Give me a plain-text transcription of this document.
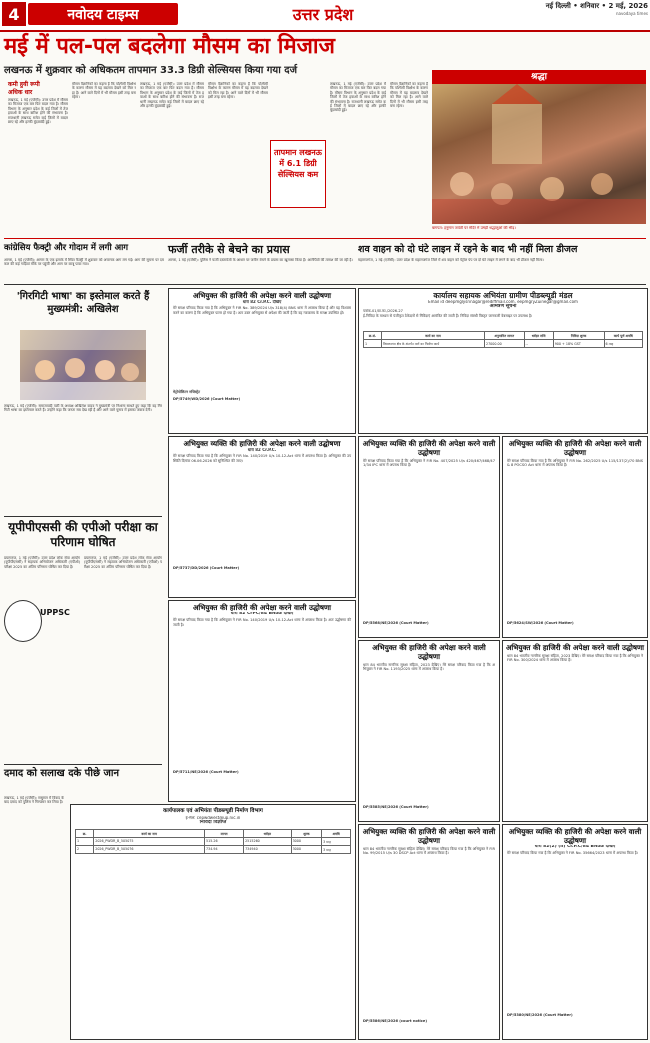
4	नवोदय टाइम्स	उत्तर प्रदेश	नई दिल्ली • शनिवार • 2 मई, 2026
navodaya times
मई में पल-पल बदलेगा मौसम का मिजाज
लखनऊ में शुक्रवार को अधिकतम तापमान 33.3 डिग्री सेल्सियस किया गया दर्ज
कमी हुयी रूपी
अधिक धार
लखनऊ, 1 मई (एजेंसी): उत्तर प्रदेश में मौसम का मिजाज एक बार फिर बदल गया है। मौसम विभाग के अनुसार प्रदेश के कई जिलों में तेज हवाओं के साथ बारिश होने की संभावना है। राजधानी लखनऊ समेत कई जिलों में बादल छाए रहे और हल्की बूंदाबांदी हुई।
मौसम वैज्ञानिकों का कहना है कि पश्चिमी विक्षोभ के कारण मौसम में यह बदलाव देखने को मिल रहा है। आने वाले दिनों में भी मौसम इसी तरह बना रहेगा।
लखनऊ, 1 मई (एजेंसी): उत्तर प्रदेश में मौसम का मिजाज एक बार फिर बदल गया है। मौसम विभाग के अनुसार प्रदेश के कई जिलों में तेज हवाओं के साथ बारिश होने की संभावना है। राजधानी लखनऊ समेत कई जिलों में बादल छाए रहे और हल्की बूंदाबांदी हुई।
मौसम वैज्ञानिकों का कहना है कि पश्चिमी विक्षोभ के कारण मौसम में यह बदलाव देखने को मिल रहा है। आने वाले दिनों में भी मौसम इसी तरह बना रहेगा।
तापमान लखनऊ में 6.1 डिग्री सेल्सियस कम
लखनऊ, 1 मई (एजेंसी): उत्तर प्रदेश में मौसम का मिजाज एक बार फिर बदल गया है। मौसम विभाग के अनुसार प्रदेश के कई जिलों में तेज हवाओं के साथ बारिश होने की संभावना है। राजधानी लखनऊ समेत कई जिलों में बादल छाए रहे और हल्की बूंदाबांदी हुई।
मौसम वैज्ञानिकों का कहना है कि पश्चिमी विक्षोभ के कारण मौसम में यह बदलाव देखने को मिल रहा है। आने वाले दिनों में भी मौसम इसी तरह बना रहेगा।
श्रद्धा
बागपत: हनुमान जयंती पर मंदिर में उमड़ी श्रद्धालुओं की भीड़।
कांग्रेसिय फैक्ट्री और गोदाम में लगी आग
आगरा, 1 मई (एजेंसी): आगरा के एक इलाके में स्थित फैक्ट्री में शुक्रवार को अचानक आग लग गई। आग की सूचना पर दमकल की कई गाड़ियां मौके पर पहुंचीं और आग पर काबू पाया गया।
फर्जी तरीके से बेचने का प्रयास
आगरा, 1 मई (एजेंसी): पुलिस ने फर्जी दस्तावेजों के आधार पर जमीन बेचने के प्रयास का खुलासा किया है। आरोपियों की तलाश की जा रही है।
शव वाहन को दो घंटे लाइन में रहने के बाद भी नहीं मिला डीजल
महाराजगंज, 1 मई (एजेंसी): उत्तर प्रदेश के महाराजगंज जिले में शव वाहन को पेट्रोल पंप पर दो घंटे लाइन में लगने के बाद भी डीजल नहीं मिला।
'गिरगिटी भाषा' का इस्तेमाल करते हैं मुख्यमंत्री: अखिलेश
लखनऊ, 1 मई (एजेंसी): समाजवादी पार्टी के अध्यक्ष अखिलेश यादव ने मुख्यमंत्री पर निशाना साधते हुए कहा कि वह गिरगिटी भाषा का इस्तेमाल करते हैं। उन्होंने कहा कि जनता सब देख रही है और आने वाले चुनाव में इसका जवाब देगी।
यूपीपीएससी की एपीओ परीक्षा का परिणाम घोषित
प्रयागराज, 1 मई (एजेंसी): उत्तर प्रदेश लोक सेवा आयोग (यूपीपीएससी) ने सहायक अभियोजन अधिकारी (एपीओ) परीक्षा 2025 का अंतिम परिणाम घोषित कर दिया है।
UPPSC
प्रयागराज, 1 मई (एजेंसी): उत्तर प्रदेश लोक सेवा आयोग (यूपीपीएससी) ने सहायक अभियोजन अधिकारी (एपीओ) परीक्षा 2025 का अंतिम परिणाम घोषित कर दिया है।
दमाद को सलाख दके पीछे जान
लखनऊ, 1 मई (एजेंसी): ससुराल में विवाद के बाद दमाद को पुलिस ने गिरफ्तार कर लिया है।
अभियुक्त की हाजिरी की अपेक्षा करने वाली उद्घोषणा
धारा 82 Cr.P.C. देखिए
मेरे समक्ष परिवाद किया गया है कि अभियुक्त ने FIR No. 389/2024 U/s 318(4) BNS थाना में अपराध किया है और यह विश्वास करने का कारण है कि अभियुक्त फरार हो गया है। अतः उक्त अभियुक्त से अपेक्षा की जाती है कि वह न्यायालय के समक्ष उपस्थित हो।
मेट्रोपोलिटन मजिस्ट्रेट
DP/5749/WD/2026 (Court Matter)
कार्यालय सहायक अभियंता ग्रामीण पीडब्ल्यूडी मंडल
Email id deepmglysrinagar@rediffmail.com, eepmgryZuinegar@gmail.com
आमंत्रण सूचना
पत्रांक-01/ग्रा.का./2026-27
ई-निविदा के माध्यम से पंजीकृत ठेकेदारों से निविदाएं आमंत्रित की जाती हैं। निविदा संबंधी विस्तृत जानकारी वेबसाइट पर उपलब्ध है।
क्र.सं.	कार्य का नाम	अनुमानित लागत	धरोहर राशि	निविदा शुल्क	कार्य पूर्ण अवधि
1	विधानसभा क्षेत्र के अंतर्गत मार्ग का निर्माण कार्य	27000.00	--	900 + 18% GST	6 माह
अभियुक्त व्यक्ति की हाजिरी की अपेक्षा करने वाली उद्घोषणा
धारा 82 Cr.P.C.
मेरे समक्ष परिवाद किया गया है कि अभियुक्त ने FIR No. 140/2019 U/s 10-12-Act थाना में अपराध किया है। अभियुक्त की उपस्थिति दिनांक 06.06.2026 को सुनिश्चित की जाए।
DP/5737/DD/2026 (Court Matter)
अभियुक्त की हाजिरी की अपेक्षा करने वाली उद्घोषणा
धारा 82 CrPC/84 BNSS देखिए
मेरे समक्ष परिवाद किया गया है कि अभियुक्त ने FIR No. 140/2019 U/s 10-12-Act थाना में अपराध किया है। अतः उद्घोषणा की जाती है।
DP/5711/NE/2026 (Court Matter)
अभियुक्त व्यक्ति की हाजिरी की अपेक्षा करने वाली उद्घोषणा
मेरे समक्ष परिवाद किया गया है कि अभियुक्त ने FIR No. 407/2025 U/s 420/467/468/471/34 IPC थाना में अपराध किया है।
DP/5568/NE/2026 (Court Matter)
अभियुक्त व्यक्ति की हाजिरी की अपेक्षा करने वाली उद्घोषणा
मेरे समक्ष परिवाद किया गया है कि अभियुक्त ने FIR No. 262/2025 U/s 115/137(2)/70 BNS & 8 POCSO Act थाना में अपराध किया है।
DP/5624/SW/2026 (Court Matter)
अभियुक्त की हाजिरी की अपेक्षा करने वाली उद्घोषणा
धारा 84 भारतीय नागरिक सुरक्षा संहिता, 2023 देखिए। मेरे समक्ष परिवाद किया गया है कि अभियुक्त ने FIR No. 1193/2025 थाना में अपराध किया है।
DP/5585/NE/2026 (Court Matter)
अभियुक्त की हाजिरी की अपेक्षा करने वाली उद्घोषणा
धारा 84 भारतीय नागरिक सुरक्षा संहिता, 2023 देखिए। मेरे समक्ष परिवाद किया गया है कि अभियुक्त ने FIR No. 300/2024 थाना में अपराध किया है।
कार्यपालक एवं अभियंता पीडब्ल्यूडी निर्माण विभाग
ई-मेल: cepwdwest@up.nic.in
निविदा विज्ञप्ति
क्र.	कार्य का नाम	लागत	धरोहर	शुल्क	अवधि
1	2026_PWDR_B_505075	515.26	2515260	3000	3 माह
2	2026_PWDR_B_505076	734.94	734940	3000	3 माह
अभियुक्त व्यक्ति की हाजिरी की अपेक्षा करने वाली उद्घोषणा
धारा 84 भारतीय नागरिक सुरक्षा संहिता देखिए। मेरे समक्ष परिवाद किया गया है कि अभियुक्त ने FIR No. 99/2015 U/s 30 DSCP Act थाना में अपराध किया है।
DP/5586/NE/2026 (court notice)
अभियुक्त व्यक्ति की हाजिरी की अपेक्षा करने वाली उद्घोषणा
धारा 82(2) (ii) Cr.P.C/84 BNSS देखिए
मेरे समक्ष परिवाद किया गया है कि अभियुक्त ने FIR No. 35664/2023 थाना में अपराध किया है।
DP/5380/NE/2026 (Court Matter)
